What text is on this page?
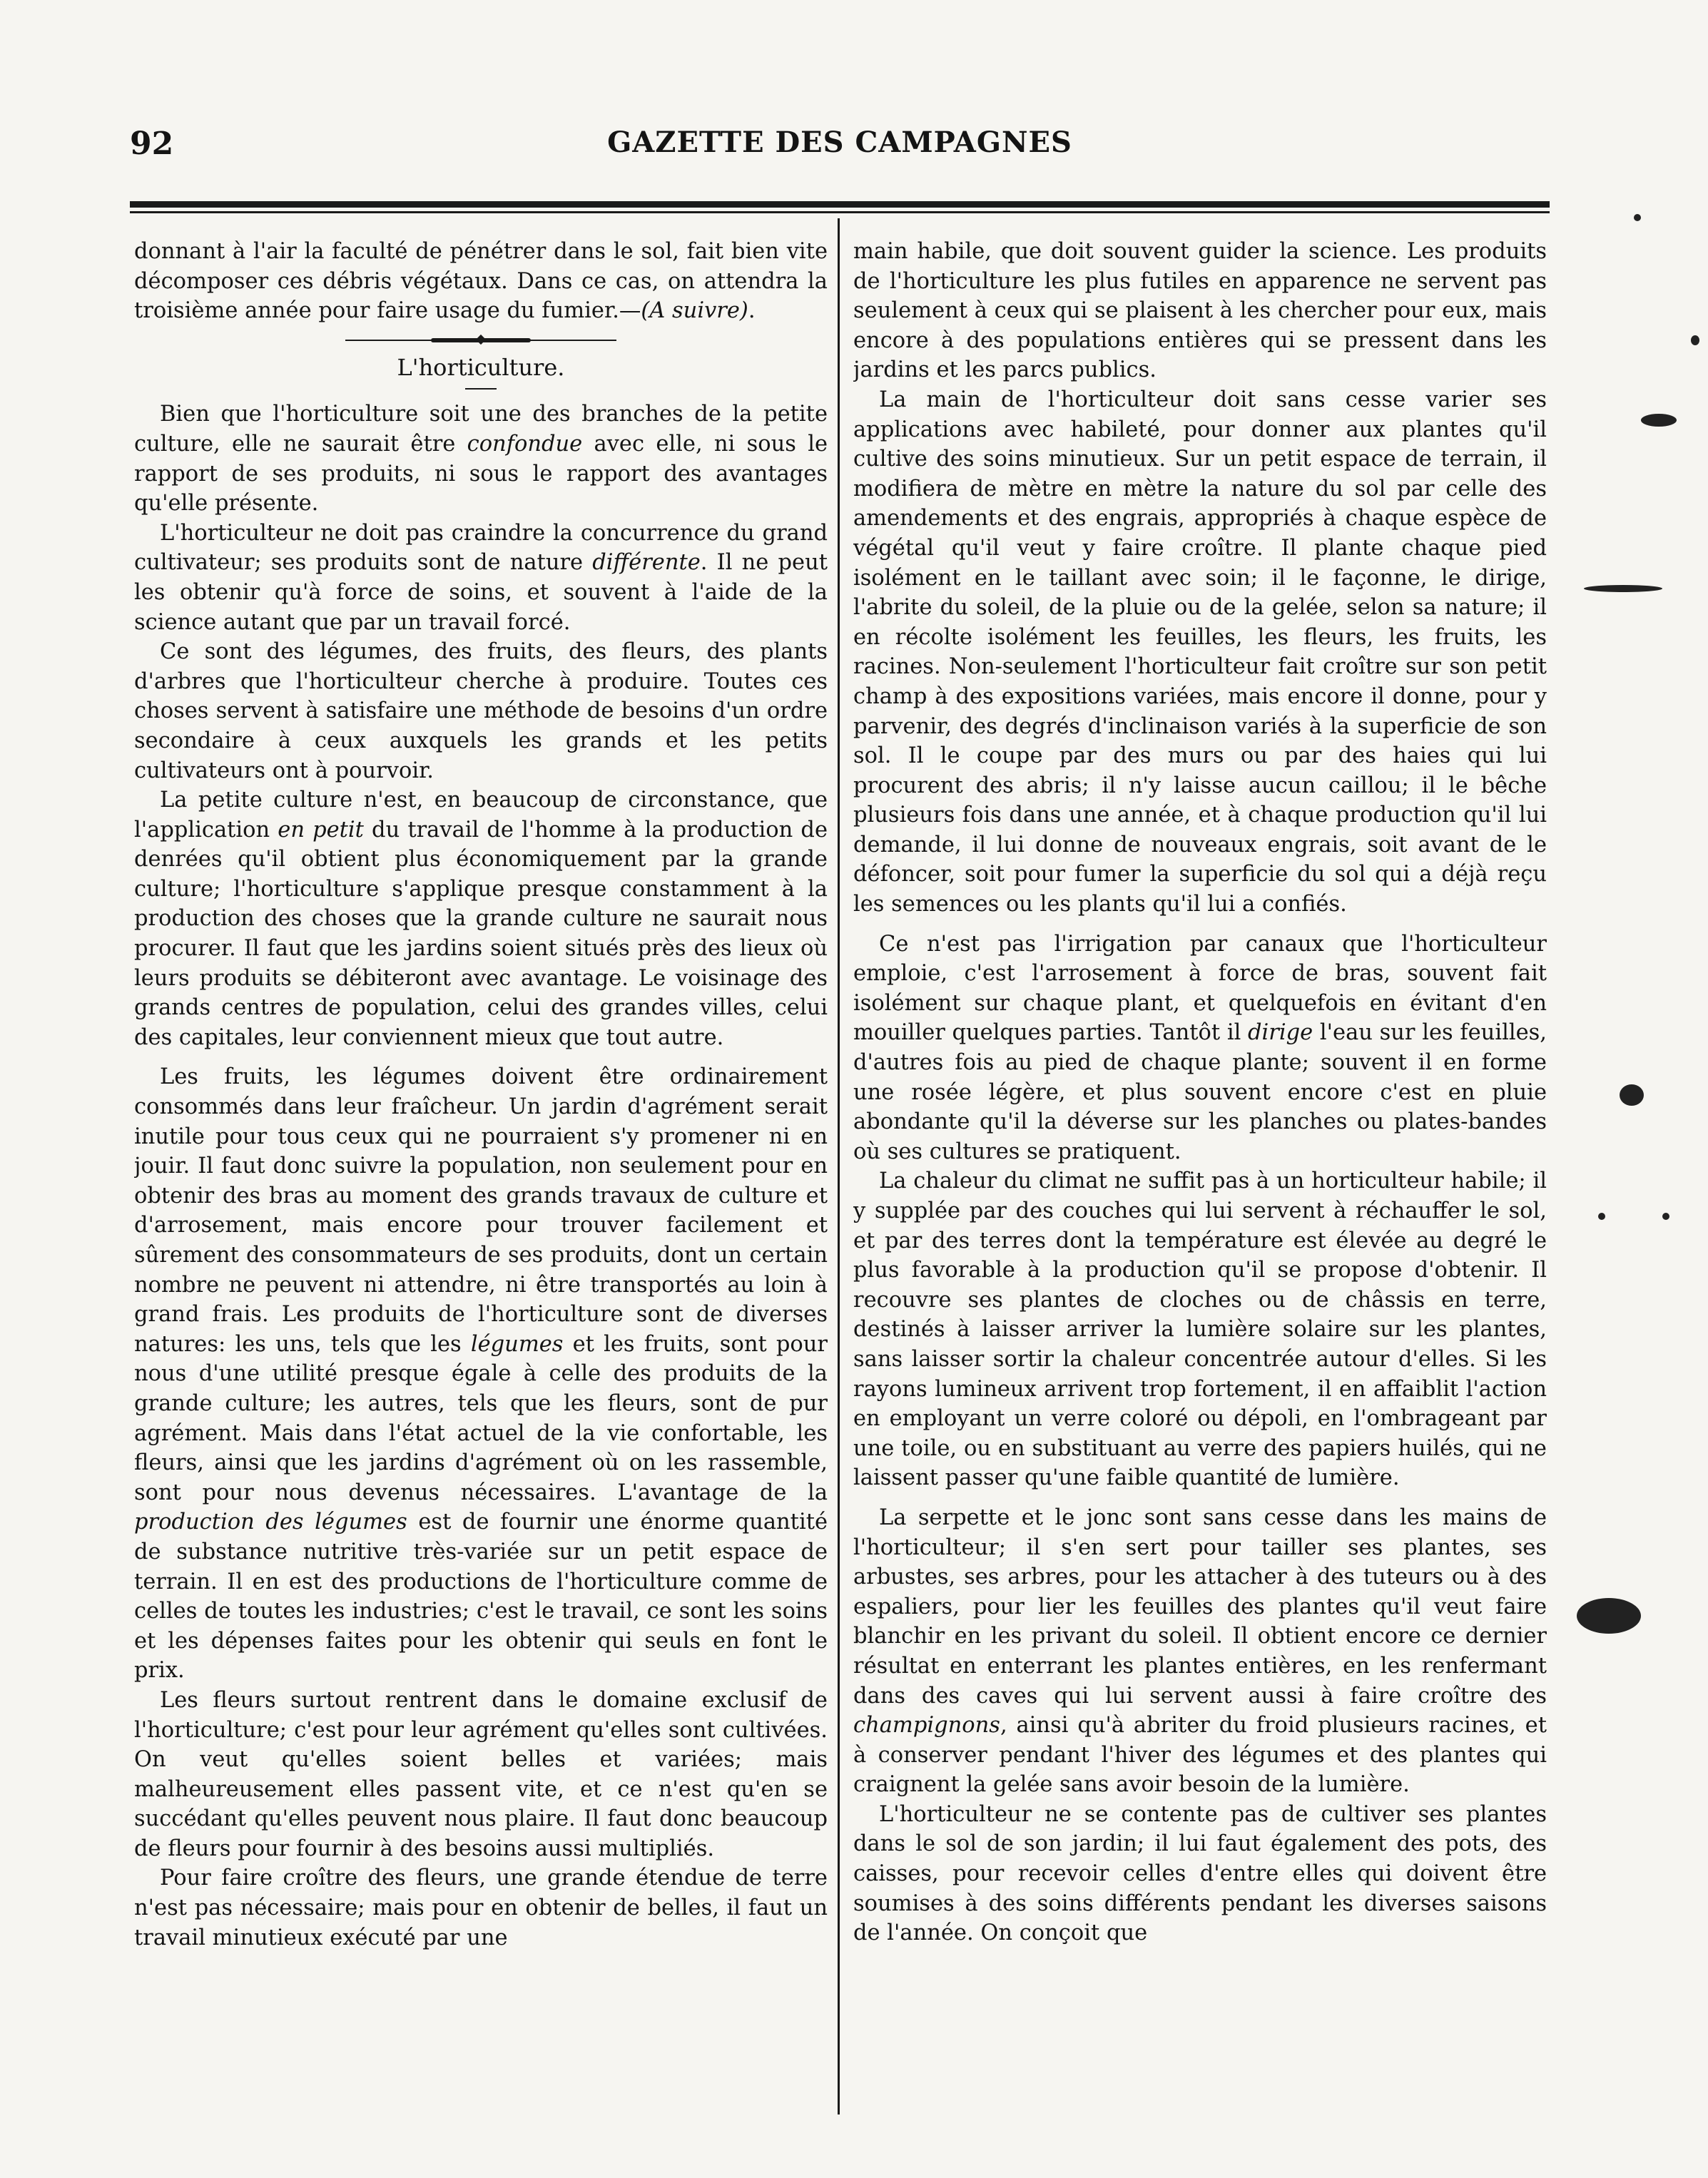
92	GAZETTE DES CAMPAGNES

donnant à l'air la faculté de pénétrer dans le sol, fait bien vite décomposer ces débris végétaux. Dans ce cas, on attendra la troisième année pour faire usage du fumier.—(A suivre).

L'horticulture.

Bien que l'horticulture soit une des branches de la petite culture, elle ne saurait être confondue avec elle, ni sous le rapport de ses produits, ni sous le rapport des avantages qu'elle présente.

L'horticulteur ne doit pas craindre la concurrence du grand cultivateur; ses produits sont de nature différente. Il ne peut les obtenir qu'à force de soins, et souvent à l'aide de la science autant que par un travail forcé.

Ce sont des légumes, des fruits, des fleurs, des plants d'arbres que l'horticulteur cherche à produire. Toutes ces choses servent à satisfaire une méthode de besoins d'un ordre secondaire à ceux auxquels les grands et les petits cultivateurs ont à pourvoir.

La petite culture n'est, en beaucoup de circonstance, que l'application en petit du travail de l'homme à la production de denrées qu'il obtient plus économiquement par la grande culture; l'horticulture s'applique presque constamment à la production des choses que la grande culture ne saurait nous procurer. Il faut que les jardins soient situés près des lieux où leurs produits se débiteront avec avantage. Le voisinage des grands centres de population, celui des grandes villes, celui des capitales, leur conviennent mieux que tout autre.

Les fruits, les légumes doivent être ordinairement consommés dans leur fraîcheur. Un jardin d'agrément serait inutile pour tous ceux qui ne pourraient s'y promener ni en jouir. Il faut donc suivre la population, non seulement pour en obtenir des bras au moment des grands travaux de culture et d'arrosement, mais encore pour trouver facilement et sûrement des consommateurs de ses produits, dont un certain nombre ne peuvent ni attendre, ni être transportés au loin à grand frais. Les produits de l'horticulture sont de diverses natures: les uns, tels que les légumes et les fruits, sont pour nous d'une utilité presque égale à celle des produits de la grande culture; les autres, tels que les fleurs, sont de pur agrément. Mais dans l'état actuel de la vie confortable, les fleurs, ainsi que les jardins d'agrément où on les rassemble, sont pour nous devenus nécessaires. L'avantage de la production des légumes est de fournir une énorme quantité de substance nutritive très-variée sur un petit espace de terrain. Il en est des productions de l'horticulture comme de celles de toutes les industries; c'est le travail, ce sont les soins et les dépenses faites pour les obtenir qui seuls en font le prix.

Les fleurs surtout rentrent dans le domaine exclusif de l'horticulture; c'est pour leur agrément qu'elles sont cultivées. On veut qu'elles soient belles et variées; mais malheureusement elles passent vite, et ce n'est qu'en se succédant qu'elles peuvent nous plaire. Il faut donc beaucoup de fleurs pour fournir à des besoins aussi multipliés.

Pour faire croître des fleurs, une grande étendue de terre n'est pas nécessaire; mais pour en obtenir de belles, il faut un travail minutieux exécuté par une

main habile, que doit souvent guider la science. Les produits de l'horticulture les plus futiles en apparence ne servent pas seulement à ceux qui se plaisent à les chercher pour eux, mais encore à des populations entières qui se pressent dans les jardins et les parcs publics.

La main de l'horticulteur doit sans cesse varier ses applications avec habileté, pour donner aux plantes qu'il cultive des soins minutieux. Sur un petit espace de terrain, il modifiera de mètre en mètre la nature du sol par celle des amendements et des engrais, appropriés à chaque espèce de végétal qu'il veut y faire croître. Il plante chaque pied isolément en le taillant avec soin; il le façonne, le dirige, l'abrite du soleil, de la pluie ou de la gelée, selon sa nature; il en récolte isolément les feuilles, les fleurs, les fruits, les racines. Non-seulement l'horticulteur fait croître sur son petit champ à des expositions variées, mais encore il donne, pour y parvenir, des degrés d'inclinaison variés à la superficie de son sol. Il le coupe par des murs ou par des haies qui lui procurent des abris; il n'y laisse aucun caillou; il le bêche plusieurs fois dans une année, et à chaque production qu'il lui demande, il lui donne de nouveaux engrais, soit avant de le défoncer, soit pour fumer la superficie du sol qui a déjà reçu les semences ou les plants qu'il lui a confiés.

Ce n'est pas l'irrigation par canaux que l'horticulteur emploie, c'est l'arrosement à force de bras, souvent fait isolément sur chaque plant, et quelquefois en évitant d'en mouiller quelques parties. Tantôt il dirige l'eau sur les feuilles, d'autres fois au pied de chaque plante; souvent il en forme une rosée légère, et plus souvent encore c'est en pluie abondante qu'il la déverse sur les planches ou plates-bandes où ses cultures se pratiquent.

La chaleur du climat ne suffit pas à un horticulteur habile; il y supplée par des couches qui lui servent à réchauffer le sol, et par des terres dont la température est élevée au degré le plus favorable à la production qu'il se propose d'obtenir. Il recouvre ses plantes de cloches ou de châssis en terre, destinés à laisser arriver la lumière solaire sur les plantes, sans laisser sortir la chaleur concentrée autour d'elles. Si les rayons lumineux arrivent trop fortement, il en affaiblit l'action en employant un verre coloré ou dépoli, en l'ombrageant par une toile, ou en substituant au verre des papiers huilés, qui ne laissent passer qu'une faible quantité de lumière.

La serpette et le jonc sont sans cesse dans les mains de l'horticulteur; il s'en sert pour tailler ses plantes, ses arbustes, ses arbres, pour les attacher à des tuteurs ou à des espaliers, pour lier les feuilles des plantes qu'il veut faire blanchir en les privant du soleil. Il obtient encore ce dernier résultat en enterrant les plantes entières, en les renfermant dans des caves qui lui servent aussi à faire croître des champignons, ainsi qu'à abriter du froid plusieurs racines, et à conserver pendant l'hiver des légumes et des plantes qui craignent la gelée sans avoir besoin de la lumière.

L'horticulteur ne se contente pas de cultiver ses plantes dans le sol de son jardin; il lui faut également des pots, des caisses, pour recevoir celles d'entre elles qui doivent être soumises à des soins différents pendant les diverses saisons de l'année. On conçoit que
